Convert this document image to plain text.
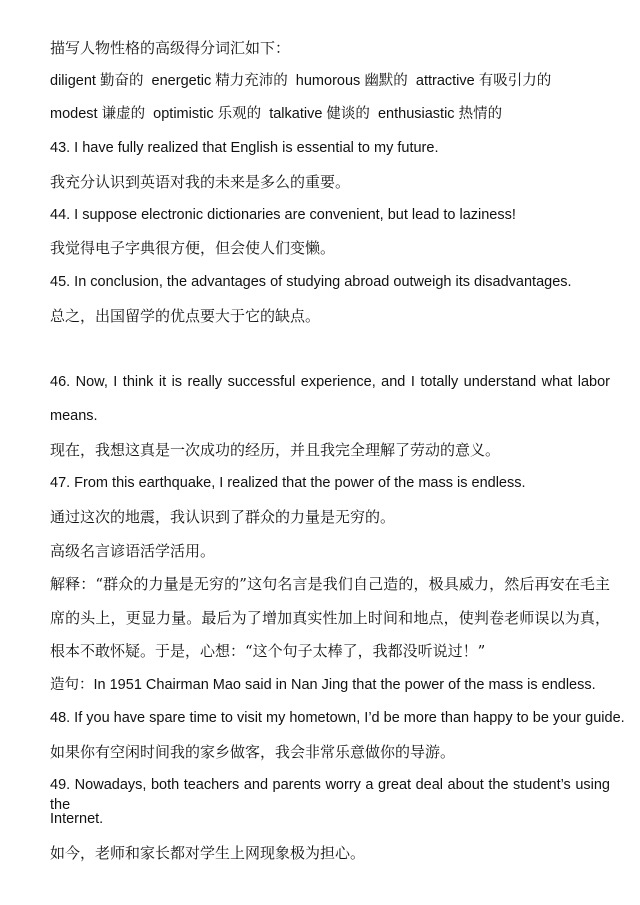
描写人物性格的高级得分词汇如下：
diligent 勤奋的 energetic 精力充沛的 humorous 幽默的 attractive 有吸引力的
modest 谦虚的 optimistic 乐观的 talkative 健谈的 enthusiastic 热情的
43. I have fully realized that English is essential to my future.
我充分认识到英语对我的未来是多么的重要。
44. I suppose electronic dictionaries are convenient, but lead to laziness!
我觉得电子字典很方便，但会使人们变懒。
45. In conclusion, the advantages of studying abroad outweigh its disadvantages.
总之，出国留学的优点要大于它的缺点。
46. Now, I think it is really successful experience, and I totally understand what labor
means.
现在，我想这真是一次成功的经历，并且我完全理解了劳动的意义。
47. From this earthquake, I realized that the power of the mass is endless.
通过这次的地震，我认识到了群众的力量是无穷的。
高级名言谚语活学活用。
解释：“群众的力量是无穷的”这句名言是我们自己造的，极具威力，然后再安在毛主
席的头上，更显力量。最后为了增加真实性加上时间和地点，使判卷老师误以为真，
根本不敢怀疑。于是，心想：“这个句子太棒了，我都没听说过！”
造句：In 1951 Chairman Mao said in Nan Jing that the power of the mass is endless.
48. If you have spare time to visit my hometown, I’d be more than happy to be your guide.
如果你有空闲时间我的家乡做客，我会非常乐意做你的导游。
49. Nowadays, both teachers and parents worry a great deal about the student’s using the
Internet.
如今，老师和家长都对学生上网现象极为担心。
